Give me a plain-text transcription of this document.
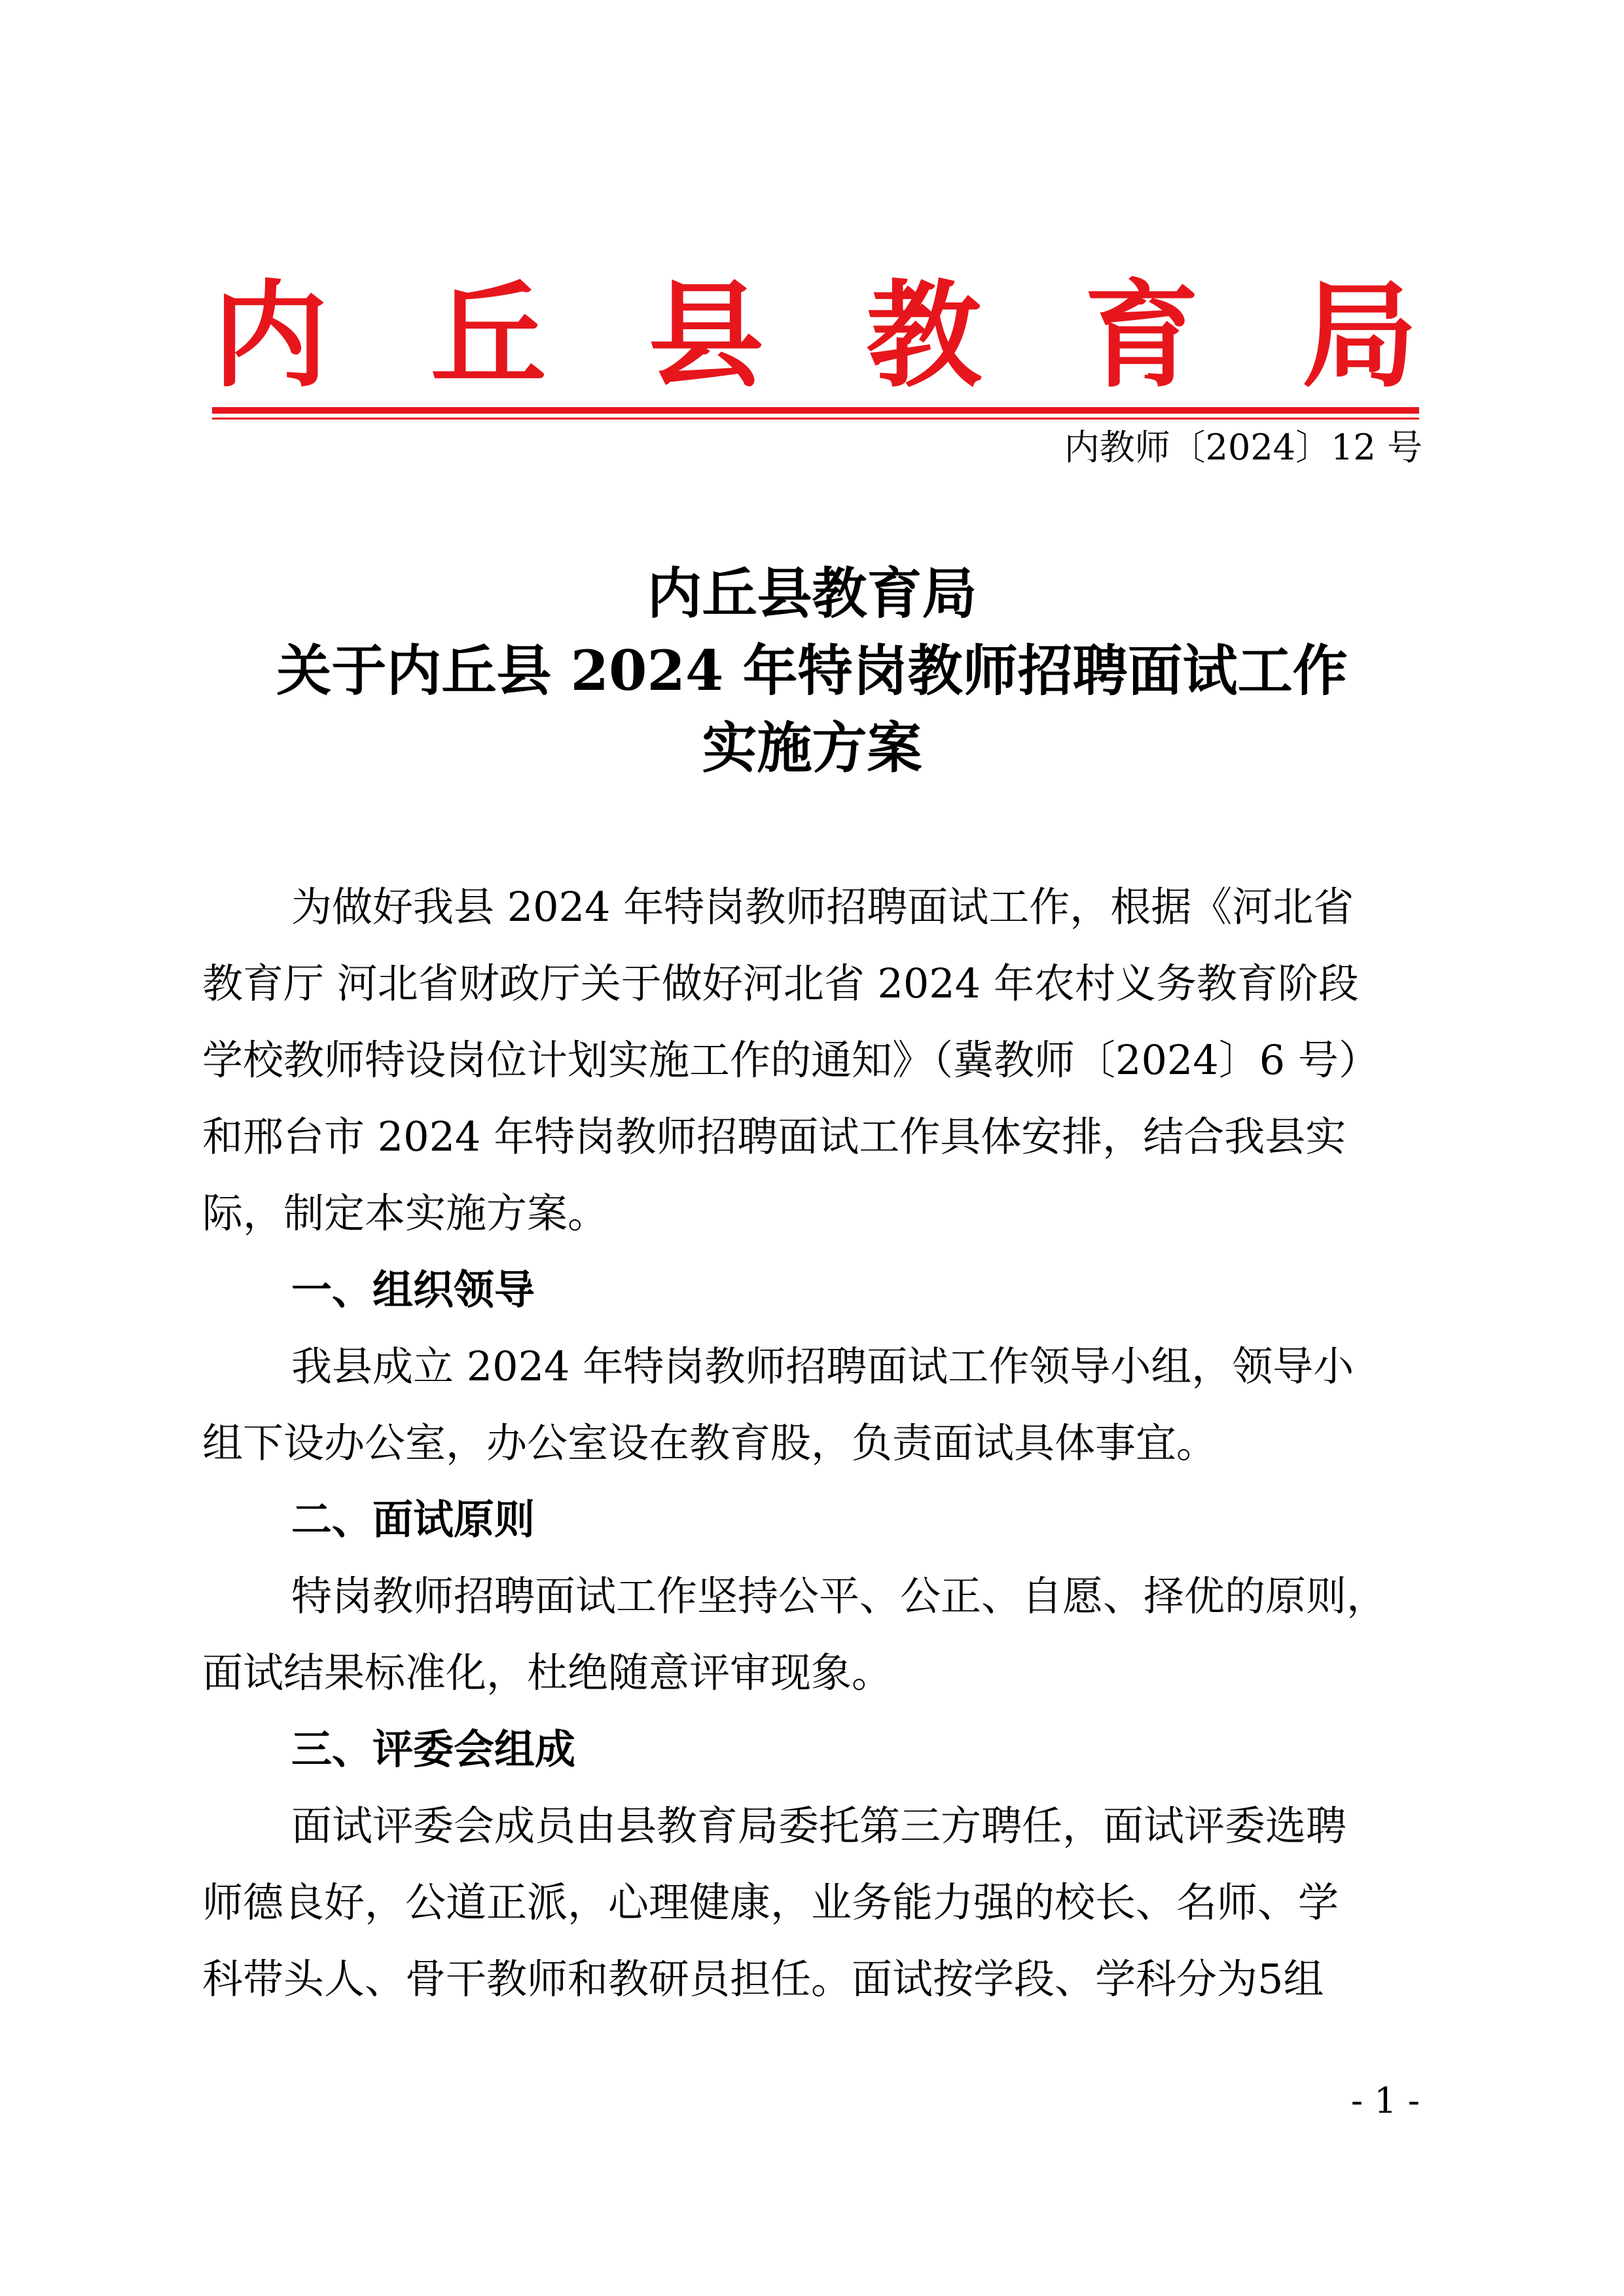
内 丘 县 教 育 局
内教师〔2024〕12 号
内丘县教育局
关于内丘县 2024 年特岗教师招聘面试工作
实施方案
为做好我县 2024 年特岗教师招聘面试工作，根据《河北省
教育厅 河北省财政厅关于做好河北省 2024 年农村义务教育阶段
学校教师特设岗位计划实施工作的通知》（冀教师〔2024〕6 号）
和邢台市 2024 年特岗教师招聘面试工作具体安排，结合我县实
际，制定本实施方案。
一、组织领导
我县成立 2024 年特岗教师招聘面试工作领导小组，领导小
组下设办公室，办公室设在教育股，负责面试具体事宜。
二、面试原则
特岗教师招聘面试工作坚持公平、公正、自愿、择优的原则，
面试结果标准化，杜绝随意评审现象。
三、评委会组成
面试评委会成员由县教育局委托第三方聘任，面试评委选聘
师德良好，公道正派，心理健康，业务能力强的校长、名师、学
科带头人、骨干教师和教研员担任。面试按学段、学科分为5组
- 1 -
